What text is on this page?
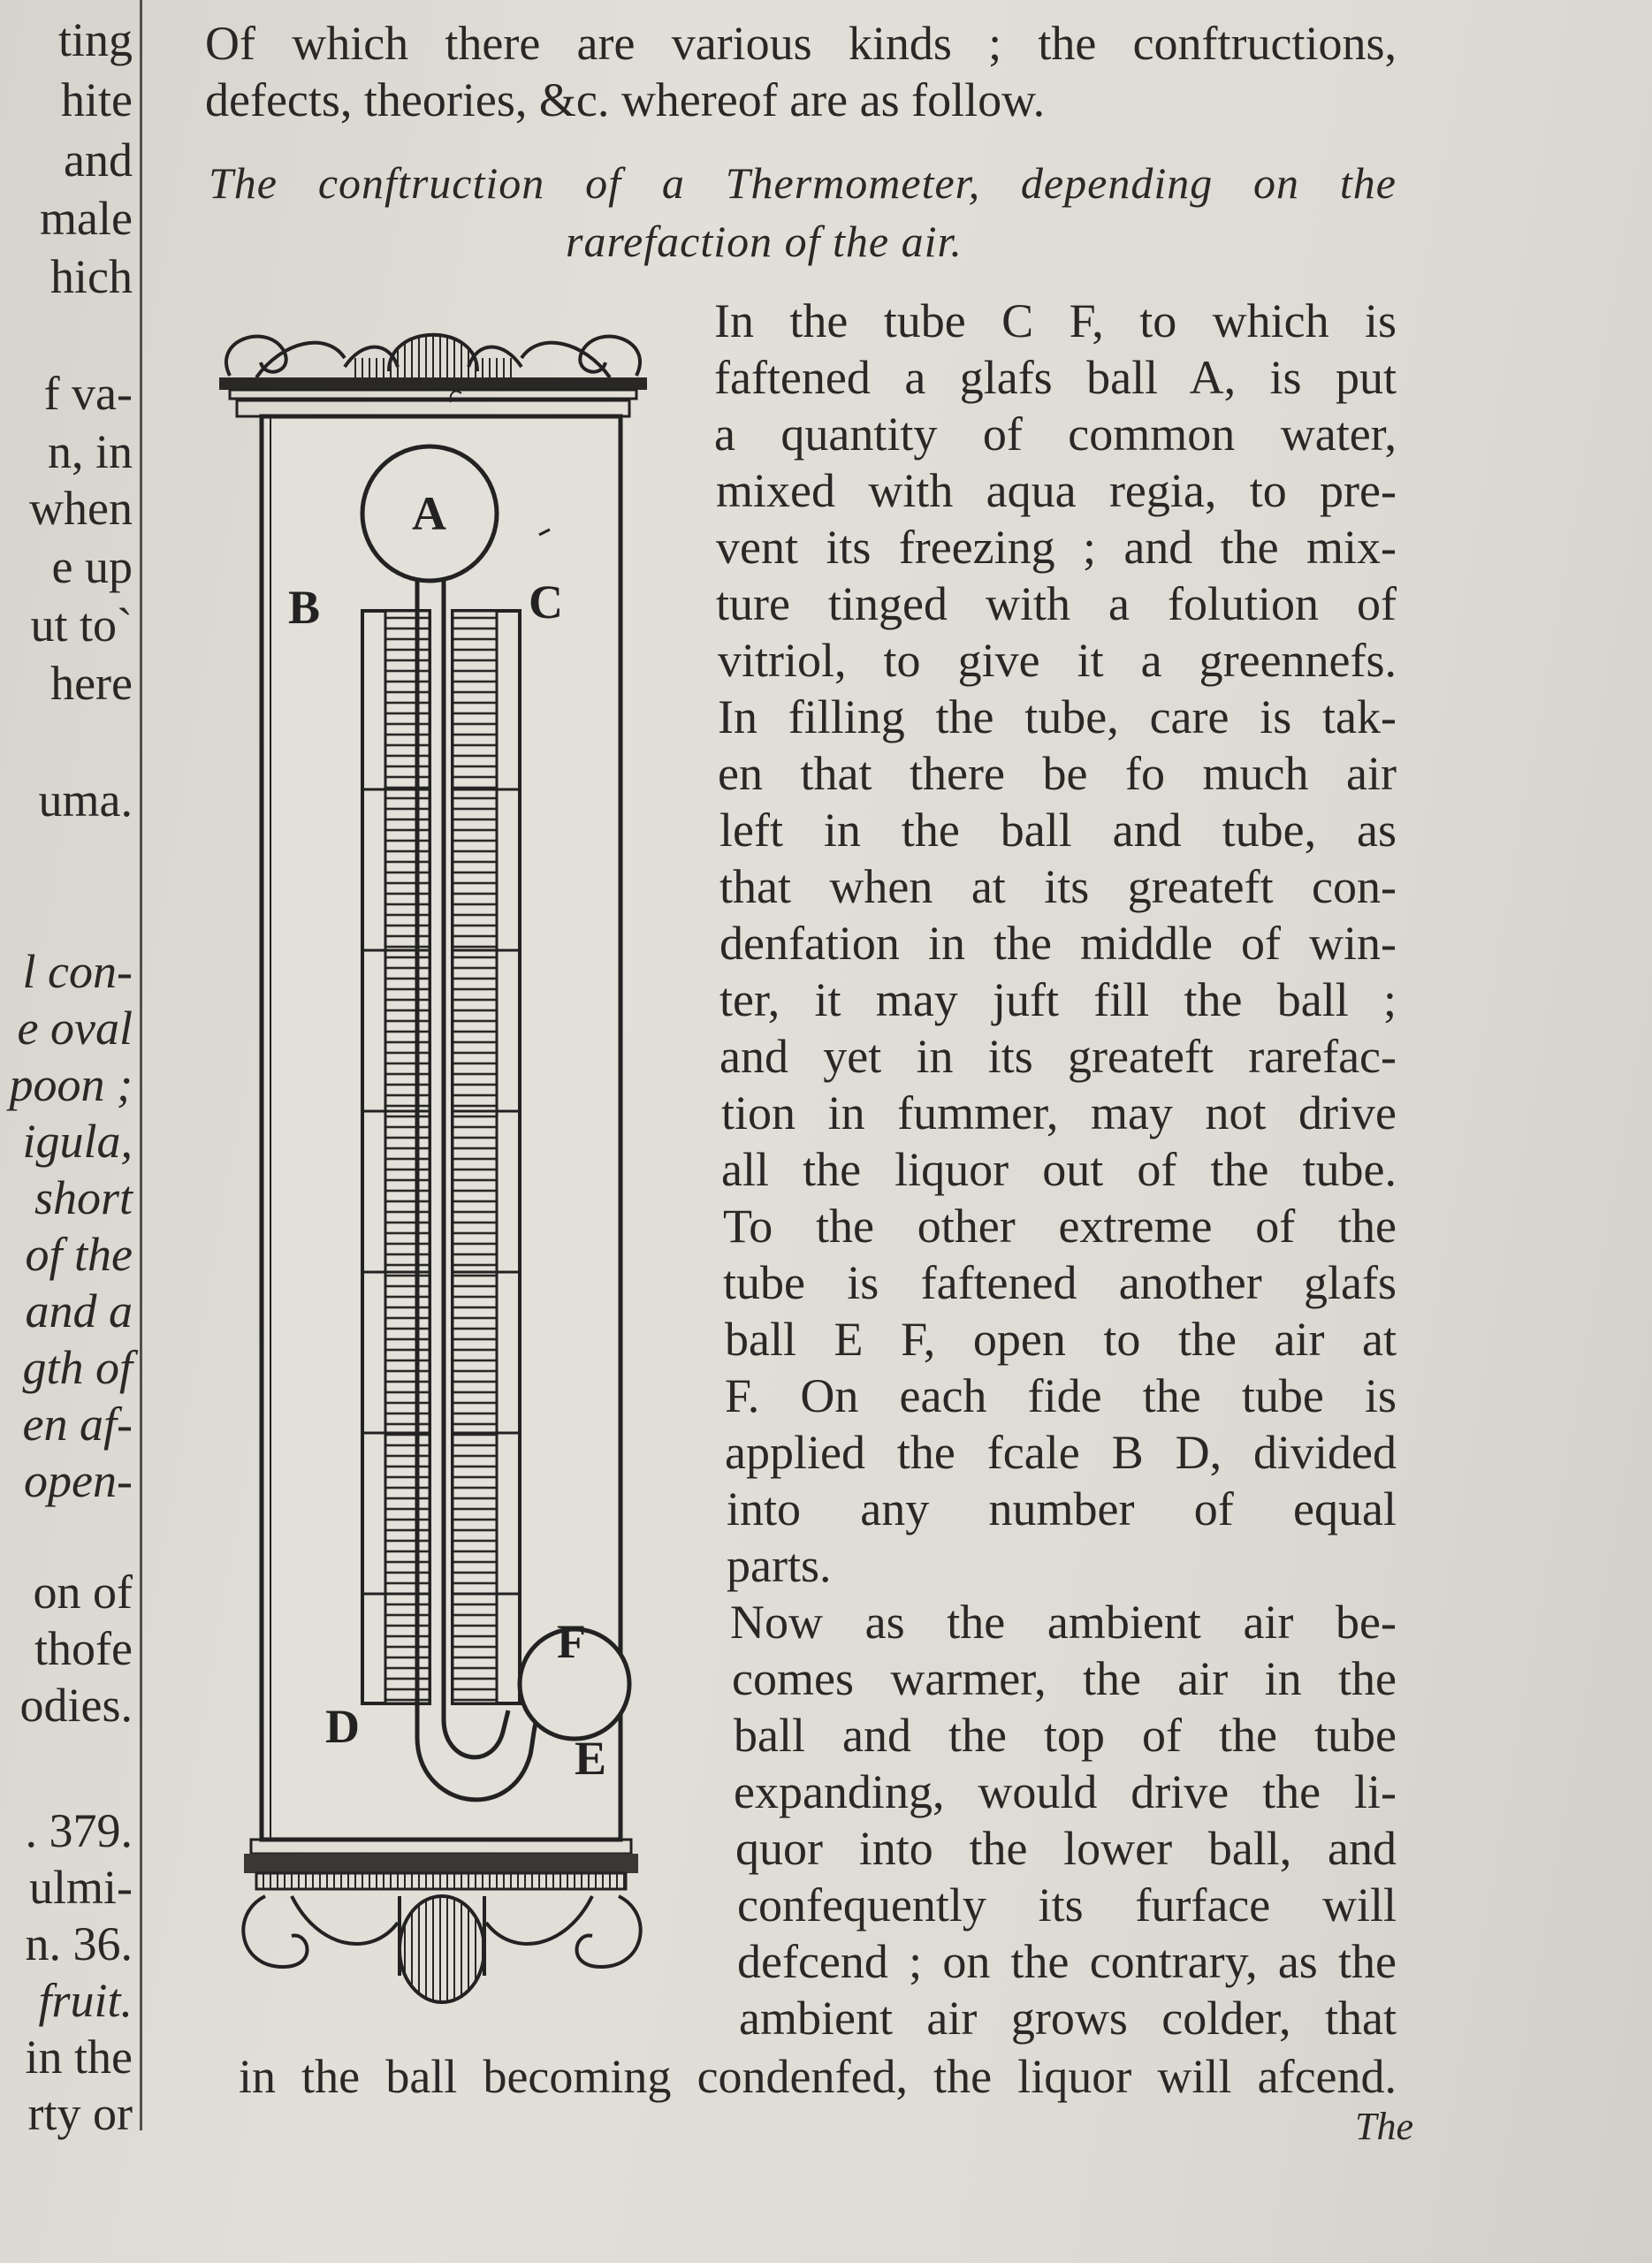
ting
hite
and
male
hich
f va-
n, in
when
e up
ut to`
here
uma.
l con-
e oval
poon ;
igula,
short
of the
and a
gth of
en af-
open-
on of
thofe
odies.
. 379.
ulmi-
n. 36.
fruit.
in the
rty or
Of which there are various kinds ; the conftructions,
defects, theories, &c. whereof are as follow.
The conftruction of a Thermometer, depending on the
rarefaction of the air.
A
B	C
D
E
F
In the tube C F, to which is
faftened a glafs ball A, is put
a quantity of common water,
mixed with aqua regia, to pre-
vent its freezing ; and the mix-
ture tinged with a folution of
vitriol, to give it a greennefs.
In filling the tube, care is tak-
en that there be fo much air
left in the ball and tube, as
that when at its greateft con-
denfation in the middle of win-
ter, it may juft fill the ball ;
and yet in its greateft rarefac-
tion in fummer, may not drive
all the liquor out of the tube.
To the other extreme of the
tube is faftened another glafs
ball E F, open to the air at
F. On each fide the tube is
applied the fcale B D, divided
into any number of equal
parts.
Now as the ambient air be-
comes warmer, the air in the
ball and the top of the tube
expanding, would drive the li-
quor into the lower ball, and
confequently its furface will
defcend ; on the contrary, as the
ambient air grows colder, that
in the ball becoming condenfed, the liquor will afcend.
The
